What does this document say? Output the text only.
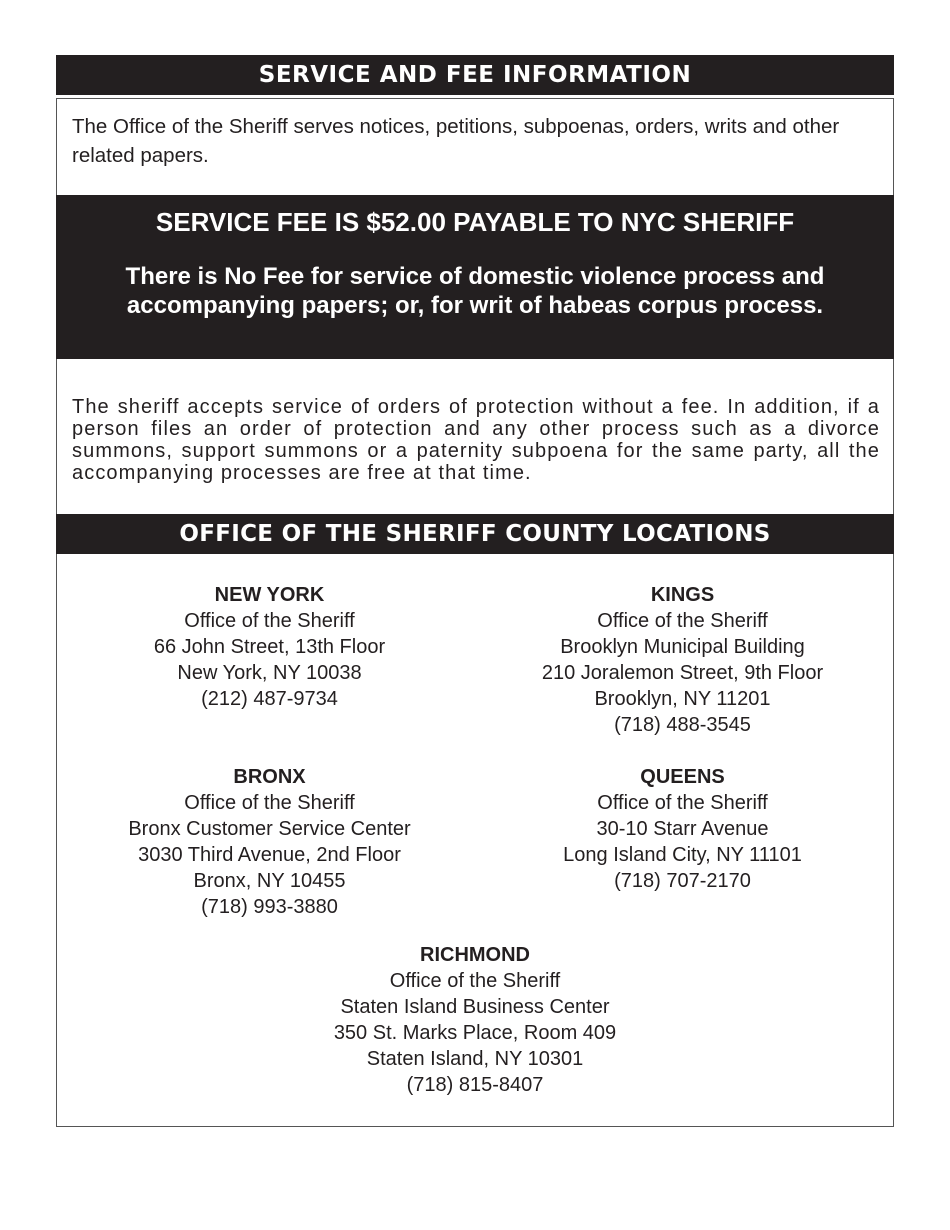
SERVICE AND FEE INFORMATION
The Office of the Sheriff serves notices, petitions, subpoenas, orders, writs and other related papers.
SERVICE FEE IS $52.00 PAYABLE TO NYC SHERIFF
There is No Fee for service of domestic violence process and accompanying papers; or, for writ of habeas corpus process.
The sheriff accepts service of orders of protection without a fee. In addition, if a person files an order of protection and any other process such as a divorce summons, support summons or a paternity subpoena for the same party, all the accompanying processes are free at that time.
OFFICE OF THE SHERIFF COUNTY LOCATIONS
NEW YORK
Office of the Sheriff
66 John Street, 13th Floor
New York, NY 10038
(212) 487-9734
KINGS
Office of the Sheriff
Brooklyn Municipal Building
210 Joralemon Street, 9th Floor
Brooklyn, NY 11201
(718) 488-3545
BRONX
Office of the Sheriff
Bronx Customer Service Center
3030 Third Avenue, 2nd Floor
Bronx, NY 10455
(718) 993-3880
QUEENS
Office of the Sheriff
30-10 Starr Avenue
Long Island City, NY 11101
(718) 707-2170
RICHMOND
Office of the Sheriff
Staten Island Business Center
350 St. Marks Place, Room 409
Staten Island, NY 10301
(718) 815-8407
